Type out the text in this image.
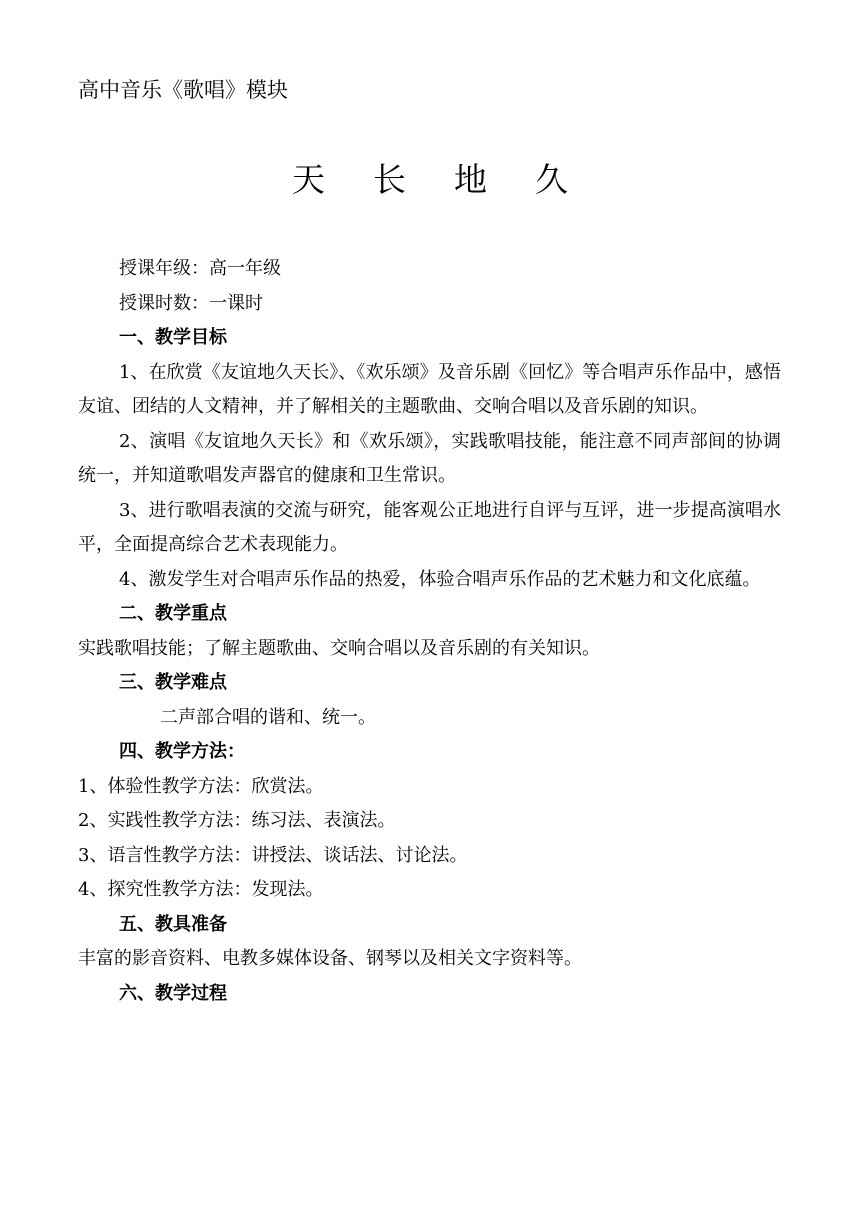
高中音乐《歌唱》模块
天 长 地 久

授课年级：高一年级

授课时数：一课时

一、教学目标

1、在欣赏《友谊地久天长》、《欢乐颂》及音乐剧《回忆》等合唱声乐作品中，感悟友谊、团结的人文精神，并了解相关的主题歌曲、交响合唱以及音乐剧的知识。

2、演唱《友谊地久天长》和《欢乐颂》，实践歌唱技能，能注意不同声部间的协调统一，并知道歌唱发声器官的健康和卫生常识。

3、进行歌唱表演的交流与研究，能客观公正地进行自评与互评，进一步提高演唱水平，全面提高综合艺术表现能力。

4、激发学生对合唱声乐作品的热爱，体验合唱声乐作品的艺术魅力和文化底蕴。

二、教学重点

实践歌唱技能；了解主题歌曲、交响合唱以及音乐剧的有关知识。

三、教学难点

二声部合唱的谐和、统一。

四、教学方法：

1、体验性教学方法：欣赏法。

2、实践性教学方法：练习法、表演法。

3、语言性教学方法：讲授法、谈话法、讨论法。

4、探究性教学方法：发现法。

五、教具准备

丰富的影音资料、电教多媒体设备、钢琴以及相关文字资料等。

六、教学过程
